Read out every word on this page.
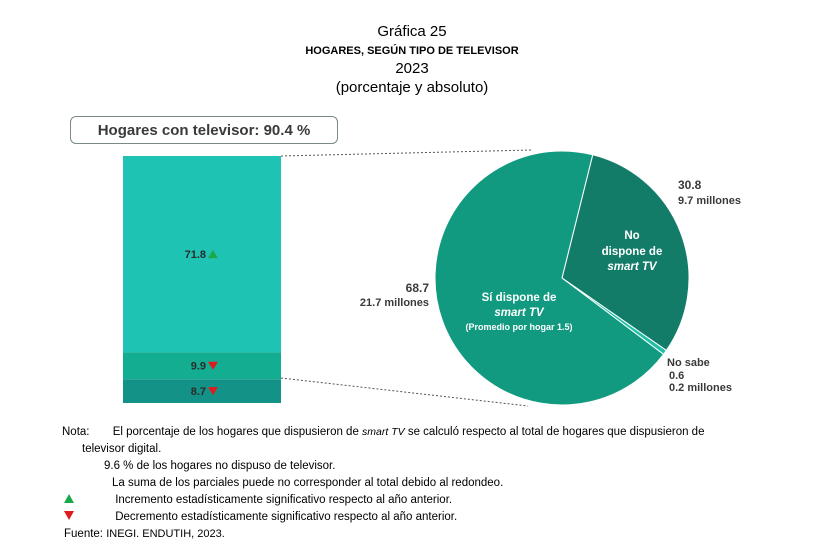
Gráfica 25
HOGARES, SEGÚN TIPO DE TELEVISOR
2023
(porcentaje y absoluto)
Hogares con televisor: 90.4 %
8.7
9.9
71.8
No
dispone de
smart TV
Sí dispone de
smart TV
(Promedio por hogar 1.5)
30.8
9.7 millones
68.7
21.7 millones
No sabe
0.6
0.2 millones
Nota: El porcentaje de los hogares que dispusieron de smart TV se calculó respecto al total de hogares que dispusieron de
televisor digital.
9.6 % de los hogares no dispuso de televisor.
La suma de los parciales puede no corresponder al total debido al redondeo.
Incremento estadísticamente significativo respecto al año anterior.
Decremento estadísticamente significativo respecto al año anterior.
Fuente: INEGI. ENDUTIH, 2023.
